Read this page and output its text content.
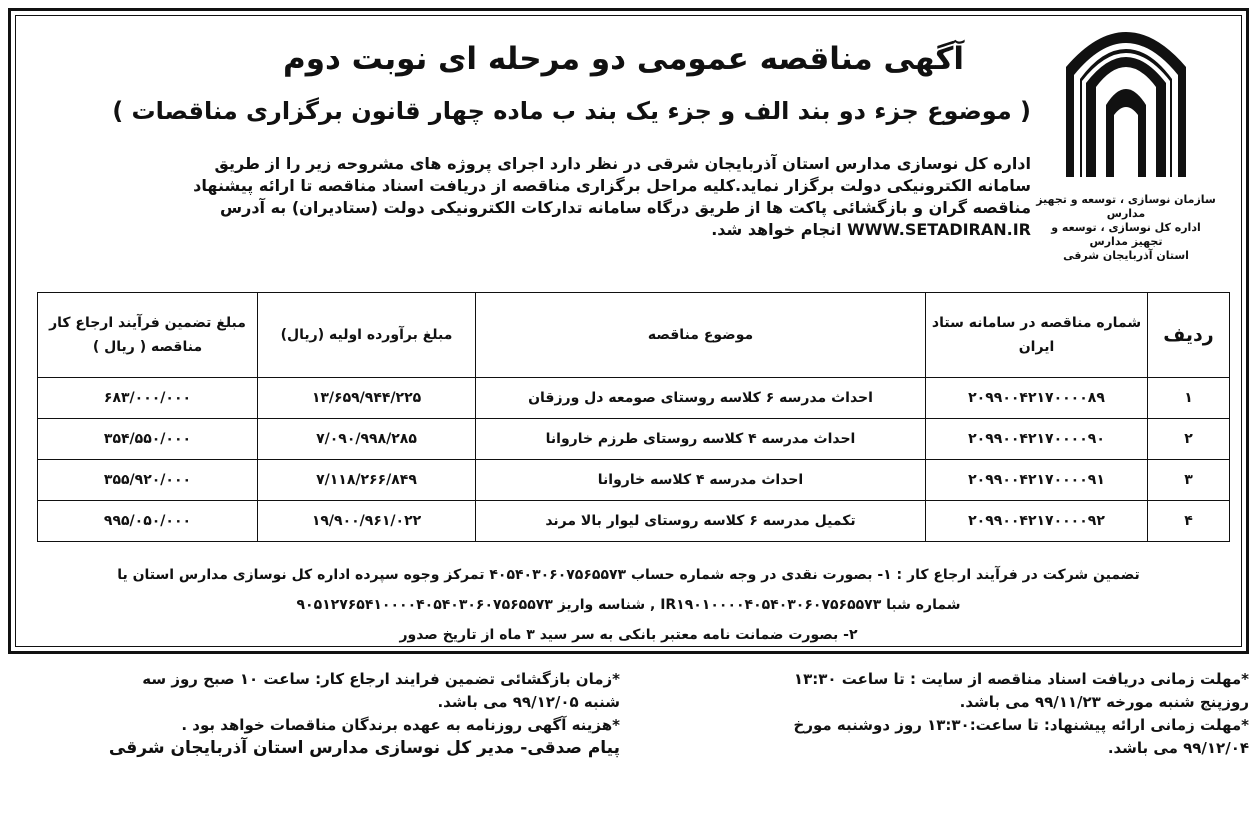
سازمان نوسازی ، توسعه و تجهیز مدارس
اداره کل نوسازی ، توسعه و تجهیز مدارس
استان آذربایجان شرقی
آگهی مناقصه عمومی دو مرحله ای نوبت دوم
( موضوع جزء دو بند الف و جزء یک بند ب ماده چهار قانون برگزاری مناقصات )
اداره کل نوسازی مدارس استان آذربایجان شرقی در نظر دارد اجرای پروژه های مشروحه زیر را از طریق
سامانه الکترونیکی دولت برگزار نماید.کلیه مراحل برگزاری مناقصه از دریافت اسناد مناقصه تا ارائه پیشنهاد
مناقصه گران و بازگشائی پاکت ها از طریق درگاه سامانه تدارکات الکترونیکی دولت (ستادیران) به آدرس
WWW.SETADIRAN.IR انجام خواهد شد.
ردیف	شماره مناقصه در سامانه ستاد ایران	موضوع مناقصه	مبلغ برآورده اولیه (ریال)	مبلغ تضمین فرآیند ارجاع کار مناقصه ( ریال )
۱	۲۰۹۹۰۰۴۲۱۷۰۰۰۰۸۹	احداث مدرسه ۶ کلاسه روستای صومعه دل ورزقان	۱۳/۶۵۹/۹۴۴/۲۲۵	۶۸۳/۰۰۰/۰۰۰
۲	۲۰۹۹۰۰۴۲۱۷۰۰۰۰۹۰	احداث مدرسه ۴ کلاسه روستای طرزم خاروانا	۷/۰۹۰/۹۹۸/۲۸۵	۳۵۴/۵۵۰/۰۰۰
۳	۲۰۹۹۰۰۴۲۱۷۰۰۰۰۹۱	احداث مدرسه ۴ کلاسه خاروانا	۷/۱۱۸/۲۶۶/۸۴۹	۳۵۵/۹۲۰/۰۰۰
۴	۲۰۹۹۰۰۴۲۱۷۰۰۰۰۹۲	تکمیل مدرسه ۶ کلاسه روستای لیوار بالا مرند	۱۹/۹۰۰/۹۶۱/۰۲۲	۹۹۵/۰۵۰/۰۰۰
تضمین شرکت در فرآیند ارجاع کار : ۱- بصورت نقدی در وجه شماره حساب ۴۰۵۴۰۳۰۶۰۷۵۶۵۵۷۳ تمرکز وجوه سپرده اداره کل نوسازی مدارس استان یا
شماره شبا IR۱۹۰۱۰۰۰۰۴۰۵۴۰۳۰۶۰۷۵۶۵۵۷۳ , شناسه واریز ۹۰۵۱۲۷۶۵۴۱۰۰۰۰۴۰۵۴۰۳۰۶۰۷۵۶۵۵۷۳
۲- بصورت ضمانت نامه معتبر بانکی به سر سید ۳ ماه از تاریخ صدور
*مهلت زمانی دریافت اسناد مناقصه از سایت : تا ساعت ۱۳:۳۰
روزپنج شنبه مورخه ۹۹/۱۱/۲۳ می باشد.
*مهلت زمانی ارائه پیشنهاد: تا ساعت:۱۳:۳۰ روز دوشنبه مورخ
۹۹/۱۲/۰۴ می باشد.
*زمان بازگشائی تضمین فرایند ارجاع کار: ساعت ۱۰ صبح روز سه
شنبه ۹۹/۱۲/۰۵ می باشد.
*هزینه آگهی روزنامه به عهده برندگان مناقصات خواهد بود .
پیام صدقی- مدیر کل نوسازی مدارس استان آذربایجان شرقی
